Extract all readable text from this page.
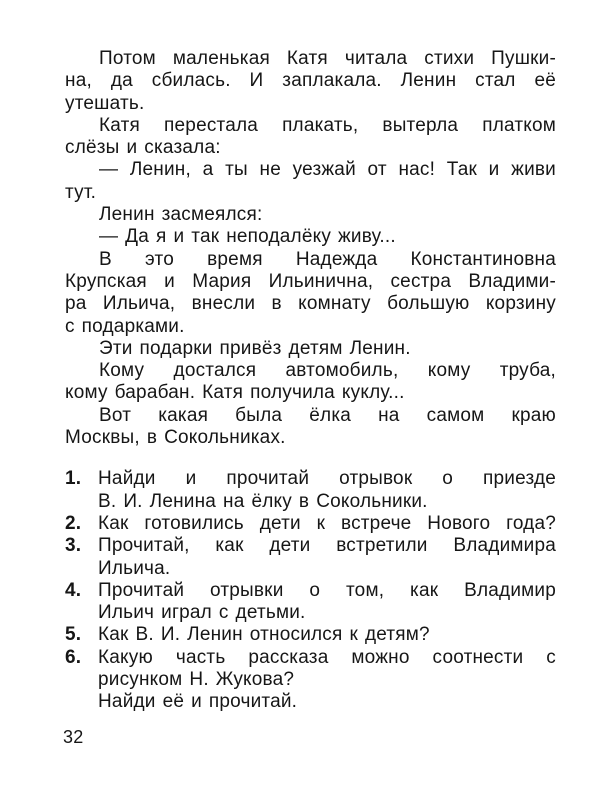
Потом маленькая Катя читала стихи Пушки-
на, да сбилась. И заплакала. Ленин стал её
утешать.
Катя перестала плакать, вытерла платком
слёзы и сказала:
— Ленин, а ты не уезжай от нас! Так и живи
тут.
Ленин засмеялся:
— Да я и так неподалёку живу...
В это время Надежда Константиновна
Крупская и Мария Ильинична, сестра Владими-
ра Ильича, внесли в комнату большую корзину
с подарками.
Эти подарки привёз детям Ленин.
Кому достался автомобиль, кому труба,
кому барабан. Катя получила куклу...
Вот какая была ёлка на самом краю
Москвы, в Сокольниках.
1. Найди и прочитай отрывок о приезде
В. И. Ленина на ёлку в Сокольники.
2. Как готовились дети к встрече Нового года?
3. Прочитай, как дети встретили Владимира
Ильича.
4. Прочитай отрывки о том, как Владимир
Ильич играл с детьми.
5. Как В. И. Ленин относился к детям?
6. Какую часть рассказа можно соотнести с
рисунком Н. Жукова?
Найди её и прочитай.
32
